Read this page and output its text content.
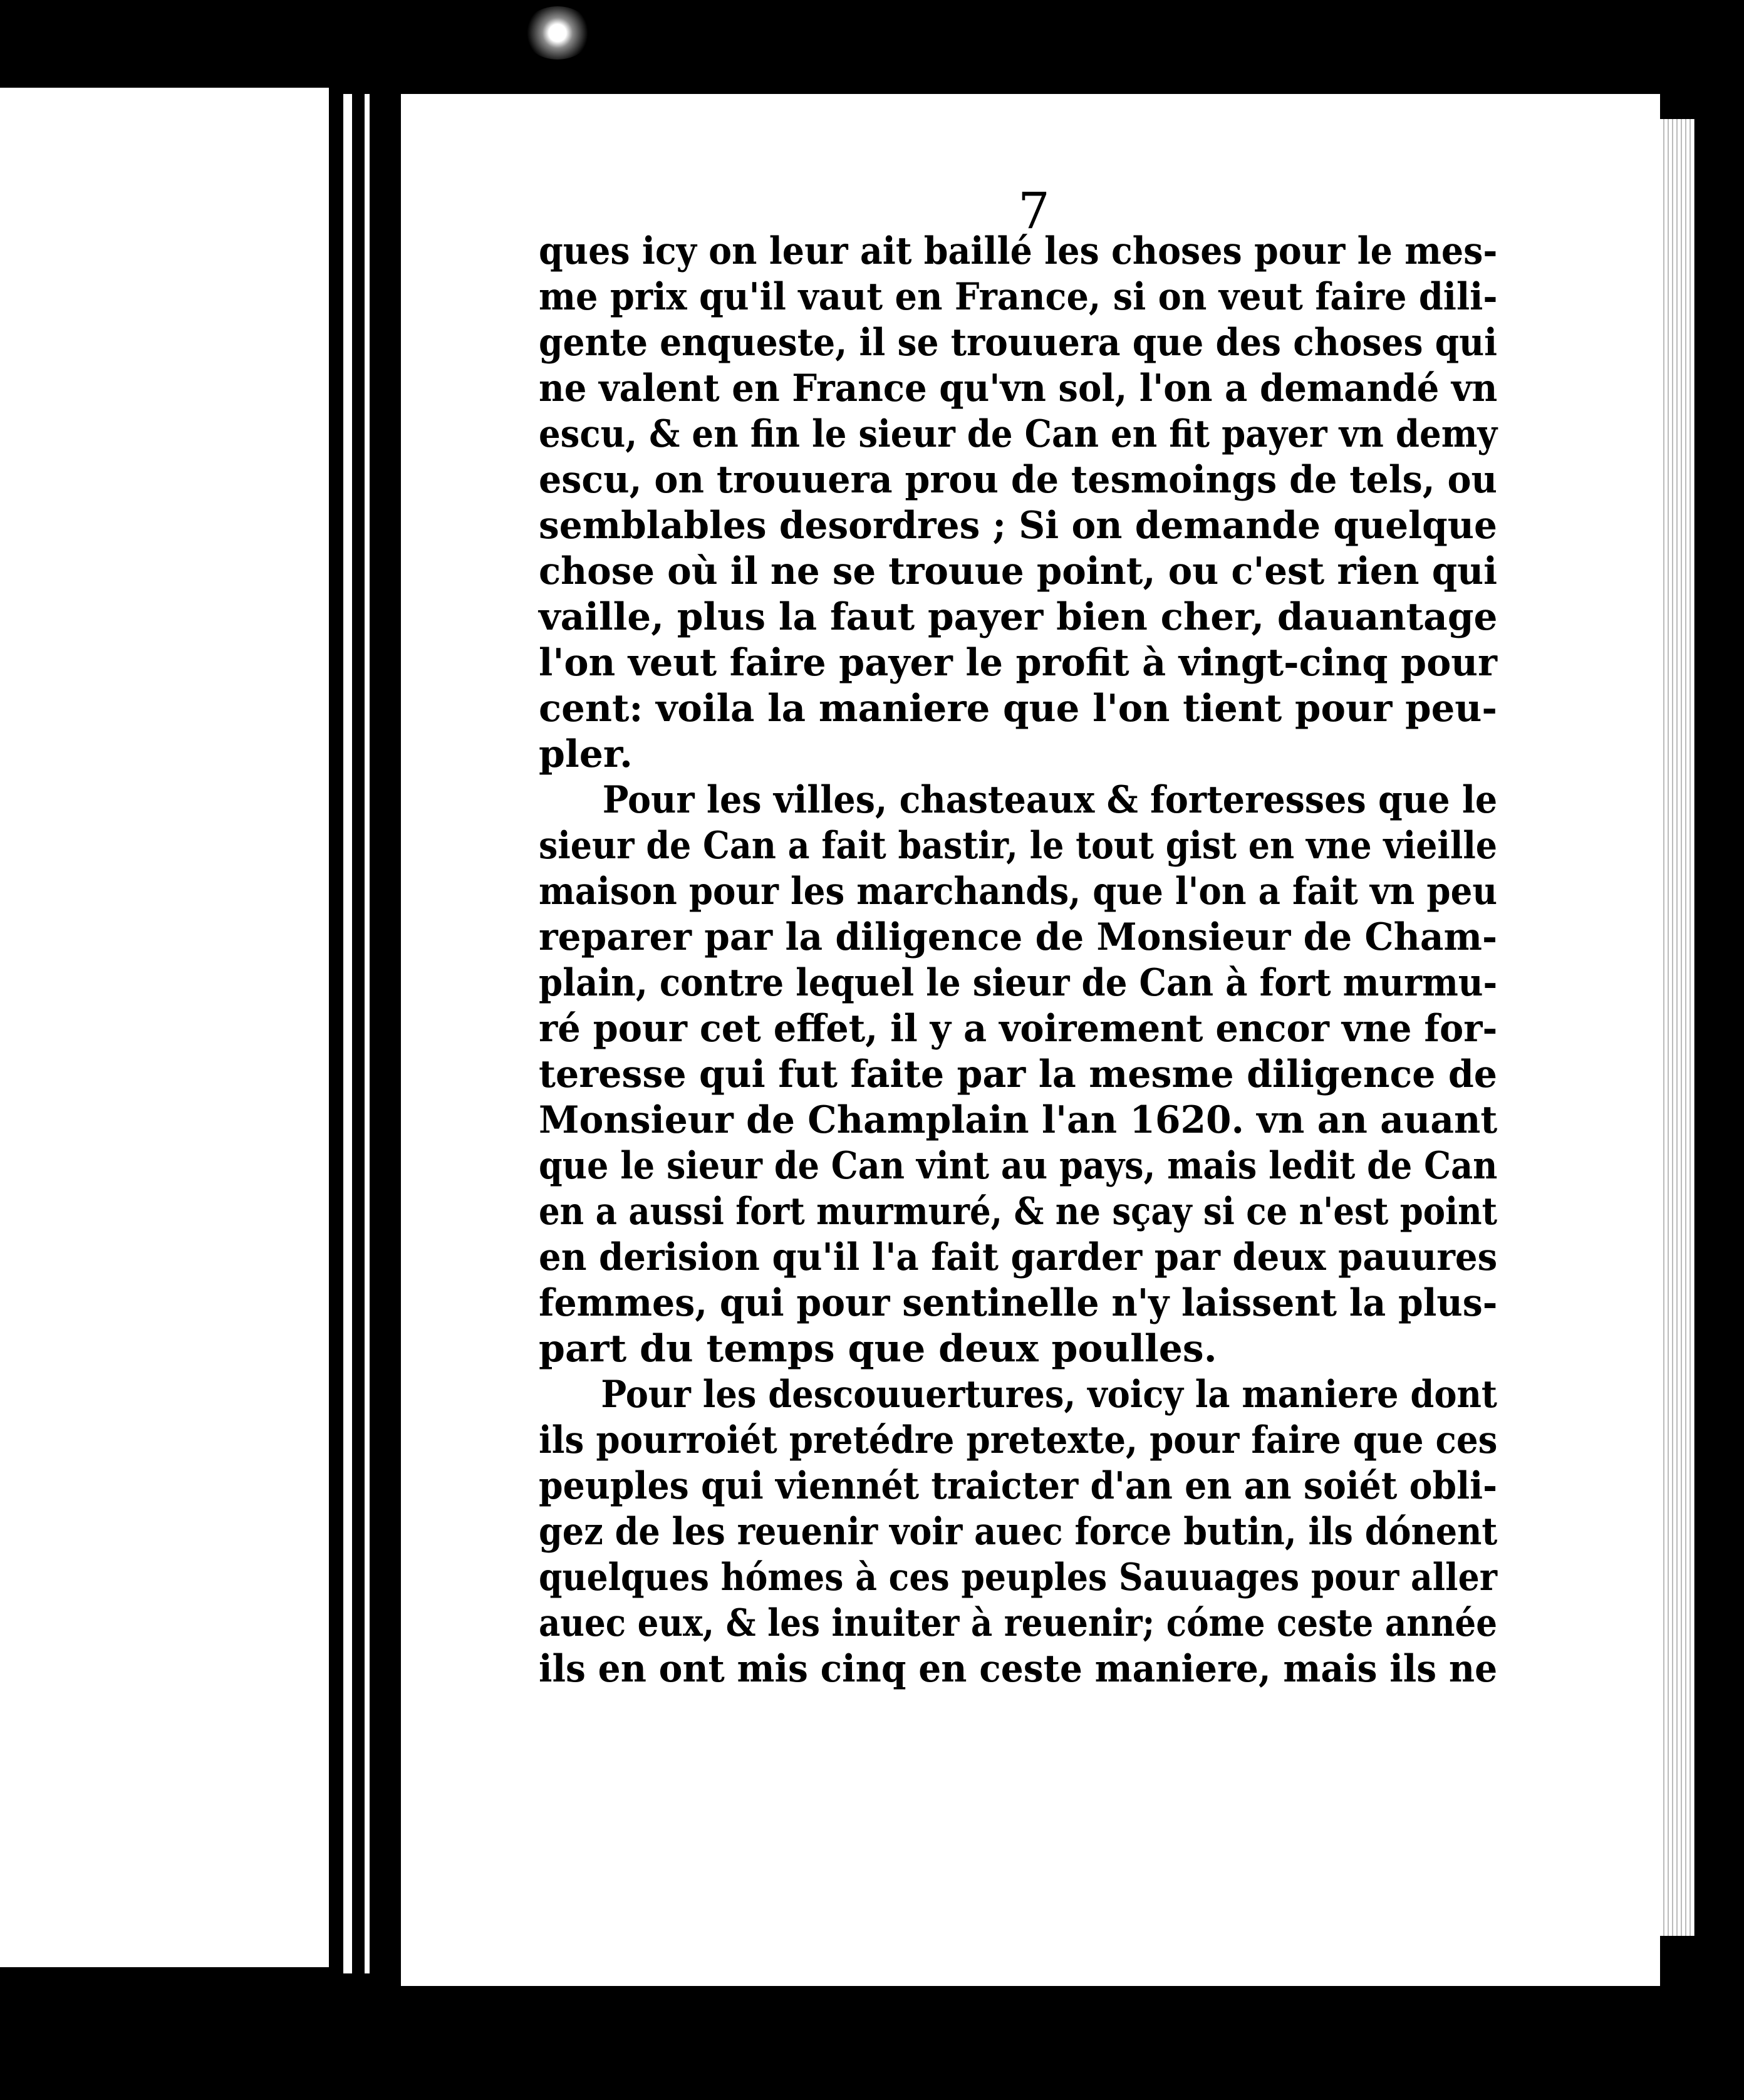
7
ques icy on leur ait baillé les choses pour le mes-
me prix qu'il vaut en France, si on veut faire dili-
gente enqueste, il se trouuera que des choses qui
ne valent en France qu'vn sol, l'on a demandé vn
escu, & en fin le sieur de Can en fit payer vn demy
escu, on trouuera prou de tesmoings de tels, ou
semblables desordres ; Si on demande quelque
chose où il ne se trouue point, ou c'est rien qui
vaille, plus la faut payer bien cher, dauantage
l'on veut faire payer le profit à vingt-cinq pour
cent: voila la maniere que l'on tient pour peu-
pler.
Pour les villes, chasteaux & forteresses que le
sieur de Can a fait bastir, le tout gist en vne vieille
maison pour les marchands, que l'on a fait vn peu
reparer par la diligence de Monsieur de Cham-
plain, contre lequel le sieur de Can à fort murmu-
ré pour cet effet, il y a voirement encor vne for-
teresse qui fut faite par la mesme diligence de
Monsieur de Champlain l'an 1620. vn an auant
que le sieur de Can vint au pays, mais ledit de Can
en a aussi fort murmuré, & ne sçay si ce n'est point
en derision qu'il l'a fait garder par deux pauures
femmes, qui pour sentinelle n'y laissent la plus-
part du temps que deux poulles.
Pour les descouuertures, voicy la maniere dont
ils pourroiét pretédre pretexte, pour faire que ces
peuples qui viennét traicter d'an en an soiét obli-
gez de les reuenir voir auec force butin, ils dónent
quelques hómes à ces peuples Sauuages pour aller
auec eux, & les inuiter à reuenir; cóme ceste année
ils en ont mis cinq en ceste maniere, mais ils ne
